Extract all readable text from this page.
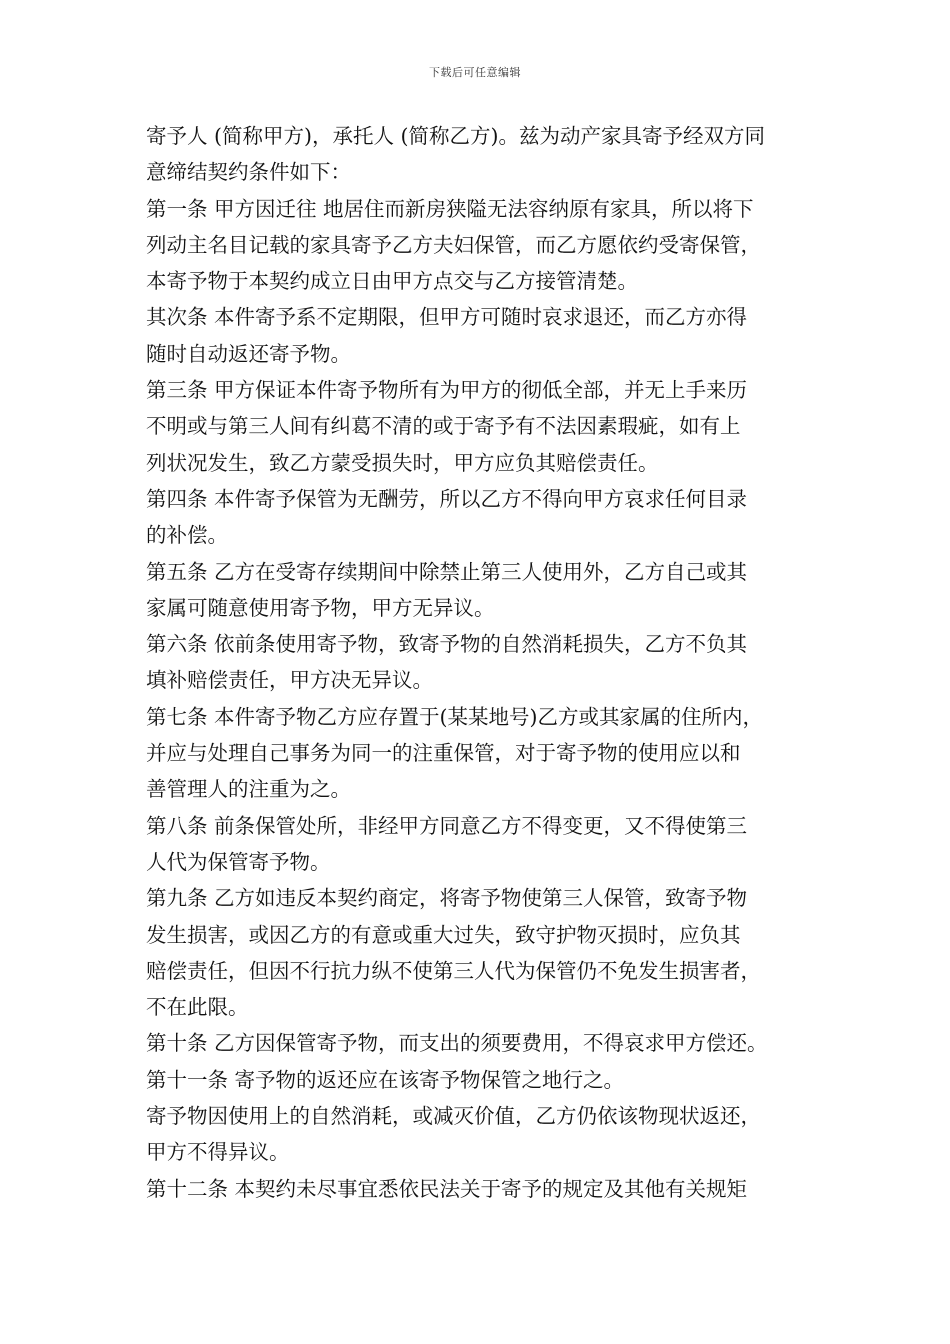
下载后可任意编辑
寄予人 (简称甲方)，承托人 (简称乙方)。兹为动产家具寄予经双方同
意缔结契约条件如下：
第一条 甲方因迁往 地居住而新房狭隘无法容纳原有家具，所以将下
列动主名目记载的家具寄予乙方夫妇保管，而乙方愿依约受寄保管，
本寄予物于本契约成立日由甲方点交与乙方接管清楚。
其次条 本件寄予系不定期限，但甲方可随时哀求退还，而乙方亦得
随时自动返还寄予物。
第三条 甲方保证本件寄予物所有为甲方的彻低全部，并无上手来历
不明或与第三人间有纠葛不清的或于寄予有不法因素瑕疵，如有上
列状况发生，致乙方蒙受损失时，甲方应负其赔偿责任。
第四条 本件寄予保管为无酬劳，所以乙方不得向甲方哀求任何目录
的补偿。
第五条 乙方在受寄存续期间中除禁止第三人使用外，乙方自己或其
家属可随意使用寄予物，甲方无异议。
第六条 依前条使用寄予物，致寄予物的自然消耗损失，乙方不负其
填补赔偿责任，甲方决无异议。
第七条 本件寄予物乙方应存置于(某某地号)乙方或其家属的住所内，
并应与处理自己事务为同一的注重保管，对于寄予物的使用应以和
善管理人的注重为之。
第八条 前条保管处所，非经甲方同意乙方不得变更，又不得使第三
人代为保管寄予物。
第九条 乙方如违反本契约商定，将寄予物使第三人保管，致寄予物
发生损害，或因乙方的有意或重大过失，致守护物灭损时，应负其
赔偿责任，但因不行抗力纵不使第三人代为保管仍不免发生损害者，
不在此限。
第十条 乙方因保管寄予物，而支出的须要费用，不得哀求甲方偿还。
第十一条 寄予物的返还应在该寄予物保管之地行之。
寄予物因使用上的自然消耗，或减灭价值，乙方仍依该物现状返还，
甲方不得异议。
第十二条 本契约未尽事宜悉依民法关于寄予的规定及其他有关规矩
